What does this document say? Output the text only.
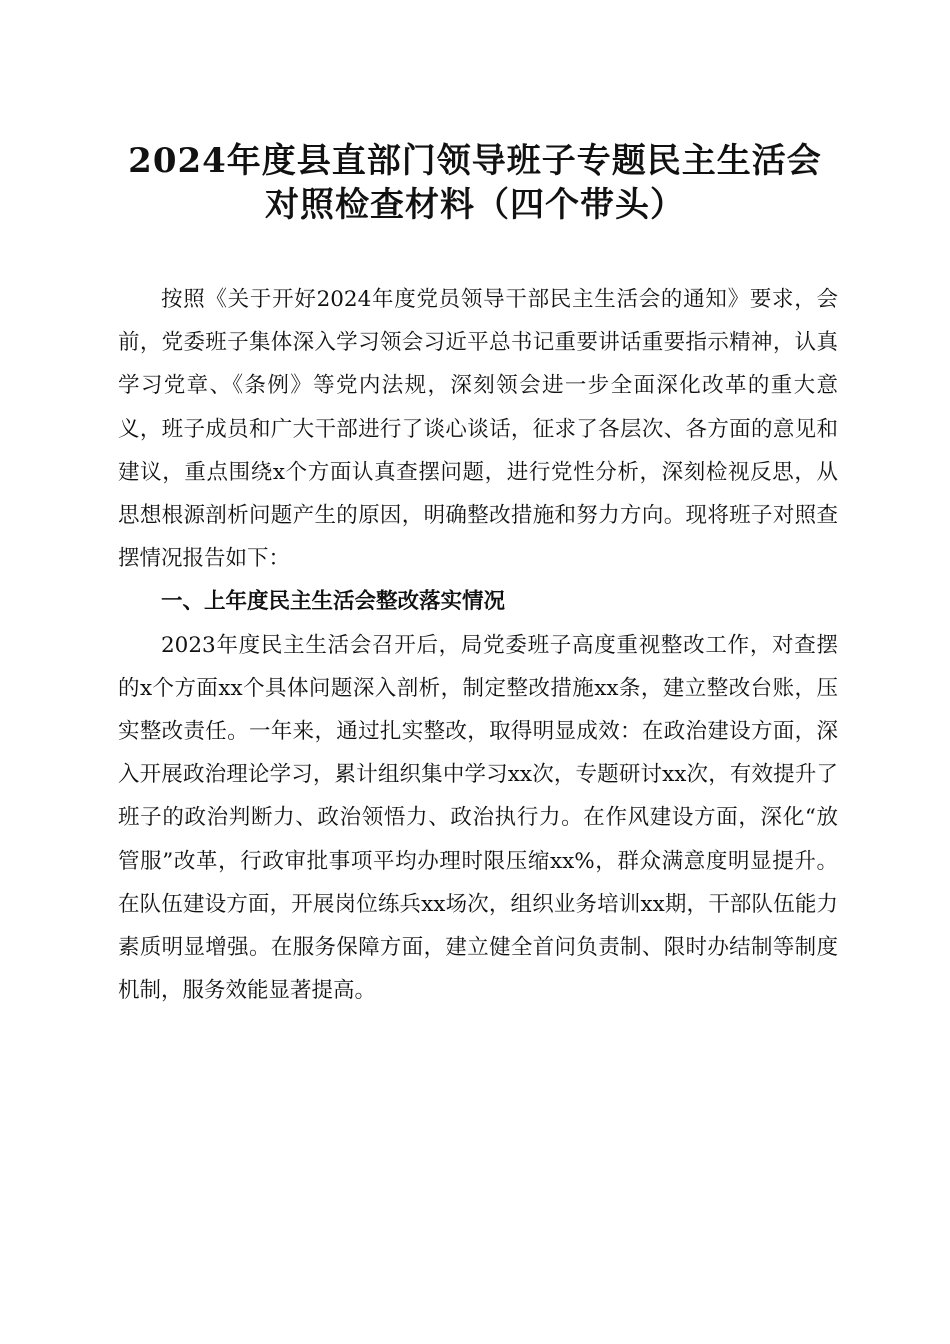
2024年度县直部门领导班子专题民主生活会
对照检查材料（四个带头）

按照《关于开好2024年度党员领导干部民主生活会的通知》要求，会前，党委班子集体深入学习领会习近平总书记重要讲话重要指示精神，认真学习党章、《条例》等党内法规，深刻领会进一步全面深化改革的重大意义，班子成员和广大干部进行了谈心谈话，征求了各层次、各方面的意见和建议，重点围绕x个方面认真查摆问题，进行党性分析，深刻检视反思，从思想根源剖析问题产生的原因，明确整改措施和努力方向。现将班子对照查摆情况报告如下：

一、上年度民主生活会整改落实情况

2023年度民主生活会召开后，局党委班子高度重视整改工作，对查摆的x个方面xx个具体问题深入剖析，制定整改措施xx条，建立整改台账，压实整改责任。一年来，通过扎实整改，取得明显成效：在政治建设方面，深入开展政治理论学习，累计组织集中学习xx次，专题研讨xx次，有效提升了班子的政治判断力、政治领悟力、政治执行力。在作风建设方面，深化“放管服”改革，行政审批事项平均办理时限压缩xx%，群众满意度明显提升。在队伍建设方面，开展岗位练兵xx场次，组织业务培训xx期，干部队伍能力素质明显增强。在服务保障方面，建立健全首问负责制、限时办结制等制度机制，服务效能显著提高。
